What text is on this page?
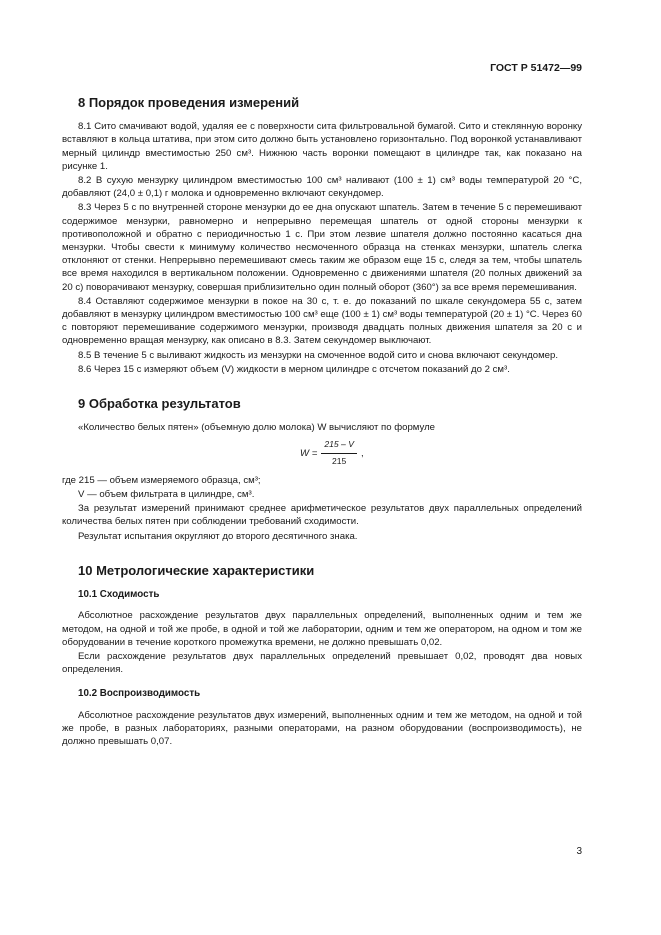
ГОСТ Р 51472—99
8 Порядок проведения измерений

8.1 Сито смачивают водой, удаляя ее с поверхности сита фильтровальной бумагой. Сито и стеклянную воронку вставляют в кольца штатива, при этом сито должно быть установлено горизонтально. Под воронкой устанавливают мерный цилиндр вместимостью 250 см³. Нижнюю часть воронки помещают в цилиндре так, как показано на рисунке 1.

8.2 В сухую мензурку цилиндром вместимостью 100 см³ наливают (100 ± 1) см³ воды температурой 20 °С, добавляют (24,0 ± 0,1) г молока и одновременно включают секундомер.

8.3 Через 5 с по внутренней стороне мензурки до ее дна опускают шпатель. Затем в течение 5 с перемешивают содержимое мензурки, равномерно и непрерывно перемещая шпатель от одной стороны мензурки к противоположной и обратно с периодичностью 1 с. При этом лезвие шпателя должно постоянно касаться дна мензурки. Чтобы свести к минимуму количество несмоченного образца на стенках мензурки, шпатель слегка отклоняют от стенки. Непрерывно перемешивают смесь таким же образом еще 15 с, следя за тем, чтобы шпатель все время находился в вертикальном положении. Одновременно с движениями шпателя (20 полных движений за 20 с) поворачивают мензурку, совершая приблизительно один полный оборот (360°) за все время перемешивания.

8.4 Оставляют содержимое мензурки в покое на 30 с, т. е. до показаний по шкале секундомера 55 с, затем добавляют в мензурку цилиндром вместимостью 100 см³ еще (100 ± 1) см³ воды температурой (20 ± 1) °С. Через 60 с повторяют перемешивание содержимого мензурки, производя двадцать полных движения шпателя за 20 с и одновременно вращая мензурку, как описано в 8.3. Затем секундомер выключают.

8.5 В течение 5 с выливают жидкость из мензурки на смоченное водой сито и снова включают секундомер.

8.6 Через 15 с измеряют объем (V) жидкости в мерном цилиндре с отсчетом показаний до 2 см³.

9 Обработка результатов

«Количество белых пятен» (объемную долю молока) W вычисляют по формуле

$W = \frac{215 - V}{215}$ ,

где 215 — объем измеряемого образца, см³;

V — объем фильтрата в цилиндре, см³.

За результат измерений принимают среднее арифметическое результатов двух параллельных определений количества белых пятен при соблюдении требований сходимости.

Результат испытания округляют до второго десятичного знака.

10 Метрологические характеристики
10.1 Сходимость

Абсолютное расхождение результатов двух параллельных определений, выполненных одним и тем же методом, на одной и той же пробе, в одной и той же лаборатории, одним и тем же оператором, на одном и том же оборудовании в течение короткого промежутка времени, не должно превышать 0,02.

Если расхождение результатов двух параллельных определений превышает 0,02, проводят два новых определения.

10.2 Воспроизводимость

Абсолютное расхождение результатов двух измерений, выполненных одним и тем же методом, на одной и той же пробе, в разных лабораториях, разными операторами, на разном оборудовании (воспроизводимость), не должно превышать 0,07.

3
